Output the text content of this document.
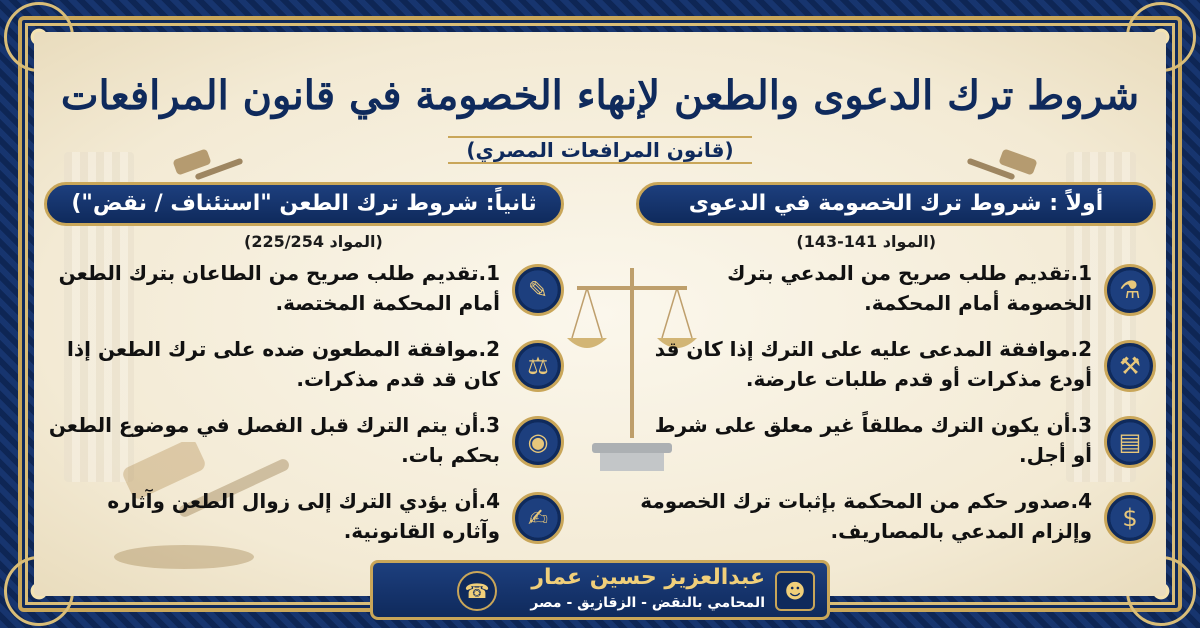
شروط ترك الدعوى والطعن لإنهاء الخصومة في قانون المرافعات
(قانون المرافعات المصري)
أولاً : شروط ترك الخصومة في الدعوى
ثانياً: شروط ترك الطعن "استئناف / نقض")
(المواد 141-143)
(المواد 225/254)
⚗
1.تقديم طلب صريح من المدعي بترك الخصومة أمام المحكمة.
⚒
2.موافقة المدعى عليه على الترك إذا كان قد أودع مذكرات أو قدم طلبات عارضة.
▤
3.أن يكون الترك مطلقاً غير معلق على شرط أو أجل.
$
4.صدور حكم من المحكمة بإثبات ترك الخصومة وإلزام المدعي بالمصاريف.
✎
1.تقديم طلب صريح من الطاعان بترك الطعن أمام المحكمة المختصة.
⚖
2.موافقة المطعون ضده على ترك الطعن إذا كان قد قدم مذكرات.
◉
3.أن يتم الترك قبل الفصل في موضوع الطعن بحكم بات.
✍
4.أن يؤدي الترك إلى زوال الطعن وآثاره وآثاره القانونية.
☻
عبدالعزيز حسين عمار
المحامي بالنقض - الزقازيق - مصر
☎
